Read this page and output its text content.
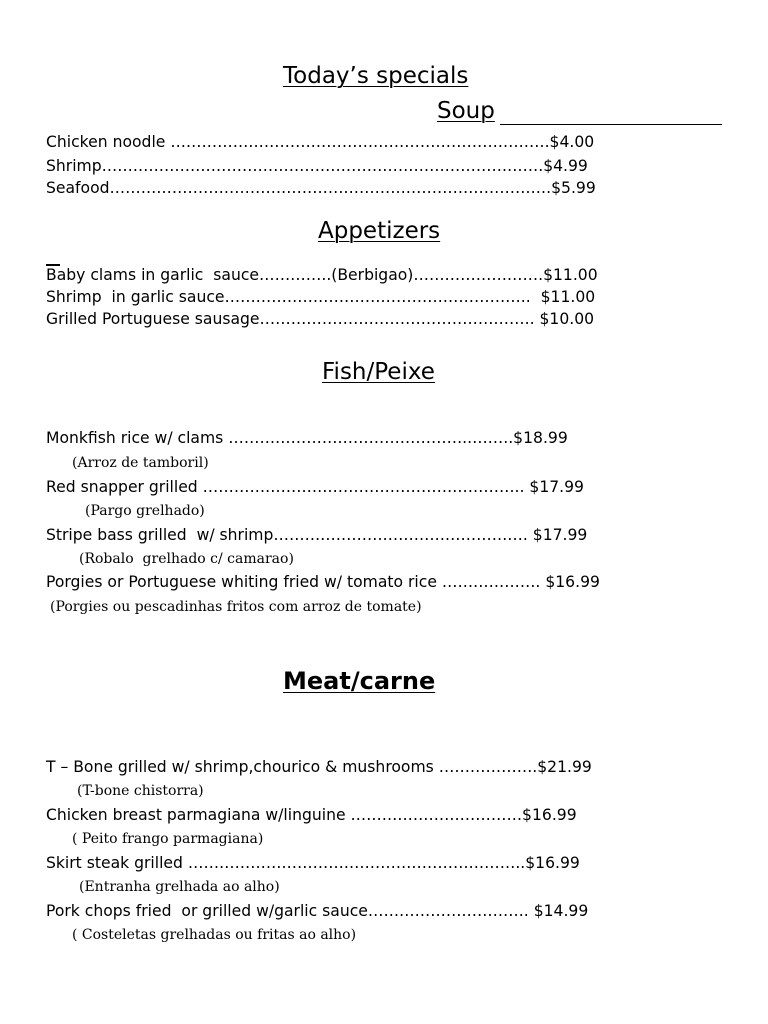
Today’s specials
Soup
Chicken noodle ……………………………………………………………….$4.00
Shrimp………………………………………………………………………….$4.99
Seafood………………………………………………………………………….$5.99
Appetizers
Baby clams in garlic  sauce…………..(Berbigao)…………………….$11.00
Shrimp  in garlic sauce…………………………………………………..  $11.00
Grilled Portuguese sausage…………………………………………….. $10.00
Fish/Peixe
Monkfish rice w/ clams ………………………………………..……..$18.99
(Arroz de tamboril)
Red snapper grilled …………………………………………………….. $17.99
(Pargo grelhado)
Stripe bass grilled  w/ shrimp…………………………………………. $17.99
(Robalo  grelhado c/ camarao)
Porgies or Portuguese whiting fried w/ tomato rice ………………. $16.99
(Porgies ou pescadinhas fritos com arroz de tomate)
Meat/carne
T – Bone grilled w/ shrimp,chourico & mushrooms ……………….$21.99
(T-bone chistorra)
Chicken breast parmagiana w/linguine ……………………………$16.99
( Peito frango parmagiana)
Skirt steak grilled ………………………………………………………..$16.99
(Entranha grelhada ao alho)
Pork chops fried  or grilled w/garlic sauce…………………………. $14.99
( Costeletas grelhadas ou fritas ao alho)
